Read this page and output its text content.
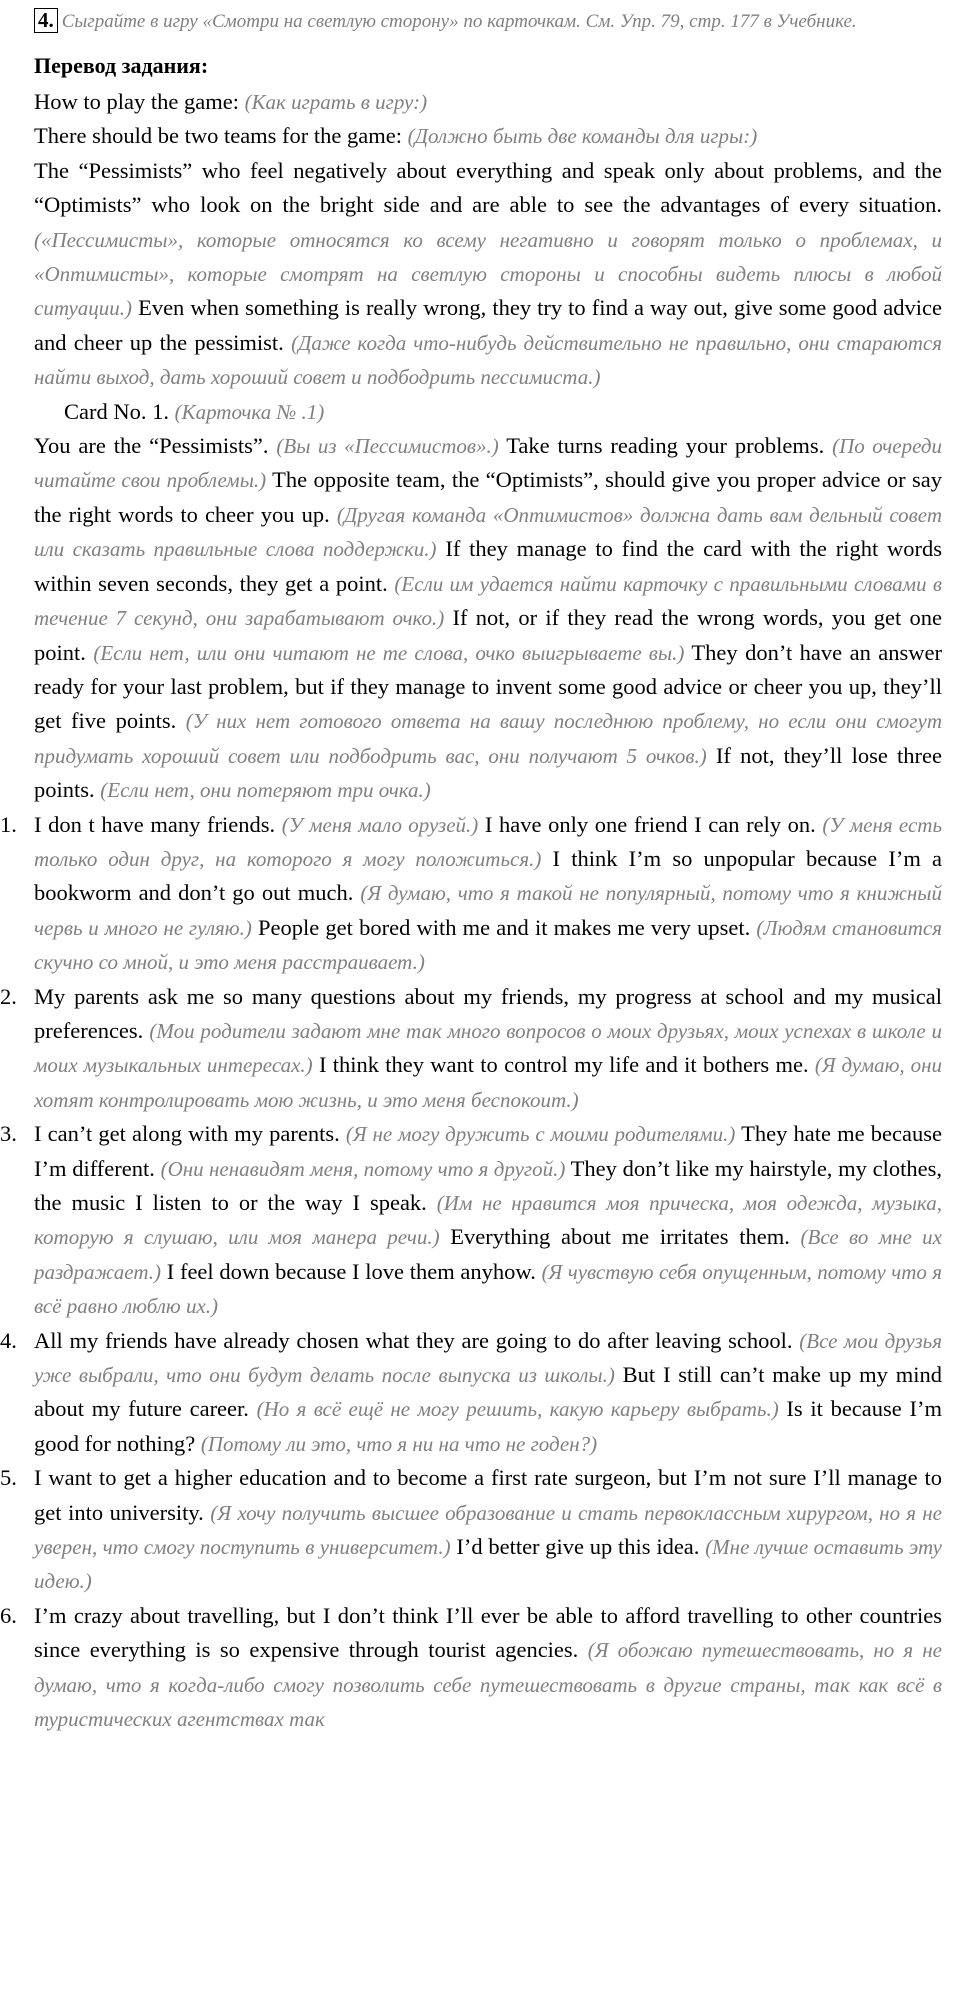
4. Сыграйте в игру «Смотри на светлую сторону» по карточкам. См. Упр. 79, стр. 177 в Учебнике.
Перевод задания:

How to play the game: (Как играть в игру:)

There should be two teams for the game: (Должно быть две команды для игры:)

The “Pessimists” who feel negatively about everything and speak only about problems, and the “Optimists” who look on the bright side and are able to see the advantages of every situation. («Пессимисты», которые относятся ко всему негативно и говорят только о проблемах, и «Оптимисты», которые смотрят на светлую стороны и способны видеть плюсы в любой ситуации.) Even when something is really wrong, they try to find a way out, give some good advice and cheer up the pessimist. (Даже когда что-нибудь действительно не правильно, они стараются найти выход, дать хороший совет и подбодрить пессимиста.)

Card No. 1. (Карточка № .1)

You are the “Pessimists”. (Вы из «Пессимистов».) Take turns reading your problems. (По очереди читайте свои проблемы.) The opposite team, the “Optimists”, should give you proper advice or say the right words to cheer you up. (Другая команда «Оптимистов» должна дать вам дельный совет или сказать правильные слова поддержки.) If they manage to find the card with the right words within seven seconds, they get a point. (Если им удается найти карточку с правильными словами в течение 7 секунд, они зарабатывают очко.) If not, or if they read the wrong words, you get one point. (Если нет, или они читают не те слова, очко выигрываете вы.) They don’t have an answer ready for your last problem, but if they manage to invent some good advice or cheer you up, they’ll get five points. (У них нет готового ответа на вашу последнюю проблему, но если они смогут придумать хороший совет или подбодрить вас, они получают 5 очков.) If not, they’ll lose three points. (Если нет, они потеряют три очка.)

1. I don t have many friends. (У меня мало орузей.) I have only one friend I can rely on. (У меня есть только один друг, на которого я могу положиться.) I think I’m so unpopular because I’m a bookworm and don’t go out much. (Я думаю, что я такой не популярный, потому что я книжный червь и много не гуляю.) People get bored with me and it makes me very upset. (Людям становится скучно со мной, и это меня расстраивает.)
2. My parents ask me so many questions about my friends, my progress at school and my musical preferences. (Мои родители задают мне так много вопросов о моих друзьях, моих успехах в школе и моих музыкальных интересах.) I think they want to control my life and it bothers me. (Я думаю, они хотят контролировать мою жизнь, и это меня беспокоит.)
3. I can’t get along with my parents. (Я не могу дружить с моими родителями.) They hate me because I’m different. (Они ненавидят меня, потому что я другой.) They don’t like my hairstyle, my clothes, the music I listen to or the way I speak. (Им не нравится моя прическа, моя одежда, музыка, которую я слушаю, или моя манера речи.) Everything about me irritates them. (Все во мне их раздражает.) I feel down because I love them anyhow. (Я чувствую себя опущенным, потому что я всё равно люблю их.)
4. All my friends have already chosen what they are going to do after leaving school. (Все мои друзья уже выбрали, что они будут делать после выпуска из школы.) But I still can’t make up my mind about my future career. (Но я всё ещё не могу решить, какую карьеру выбрать.) Is it because I’m good for nothing? (Потому ли это, что я ни на что не годен?)
5. I want to get a higher education and to become a first rate surgeon, but I’m not sure I’ll manage to get into university. (Я хочу получить высшее образование и стать первоклассным хирургом, но я не уверен, что смогу поступить в университет.) I’d better give up this idea. (Мне лучше оставить эту идею.)
6. I’m crazy about travelling, but I don’t think I’ll ever be able to afford travelling to other countries since everything is so expensive through tourist agencies. (Я обожаю путешествовать, но я не думаю, что я когда-либо смогу позволить себе путешествовать в другие страны, так как всё в туристических агентствах так
